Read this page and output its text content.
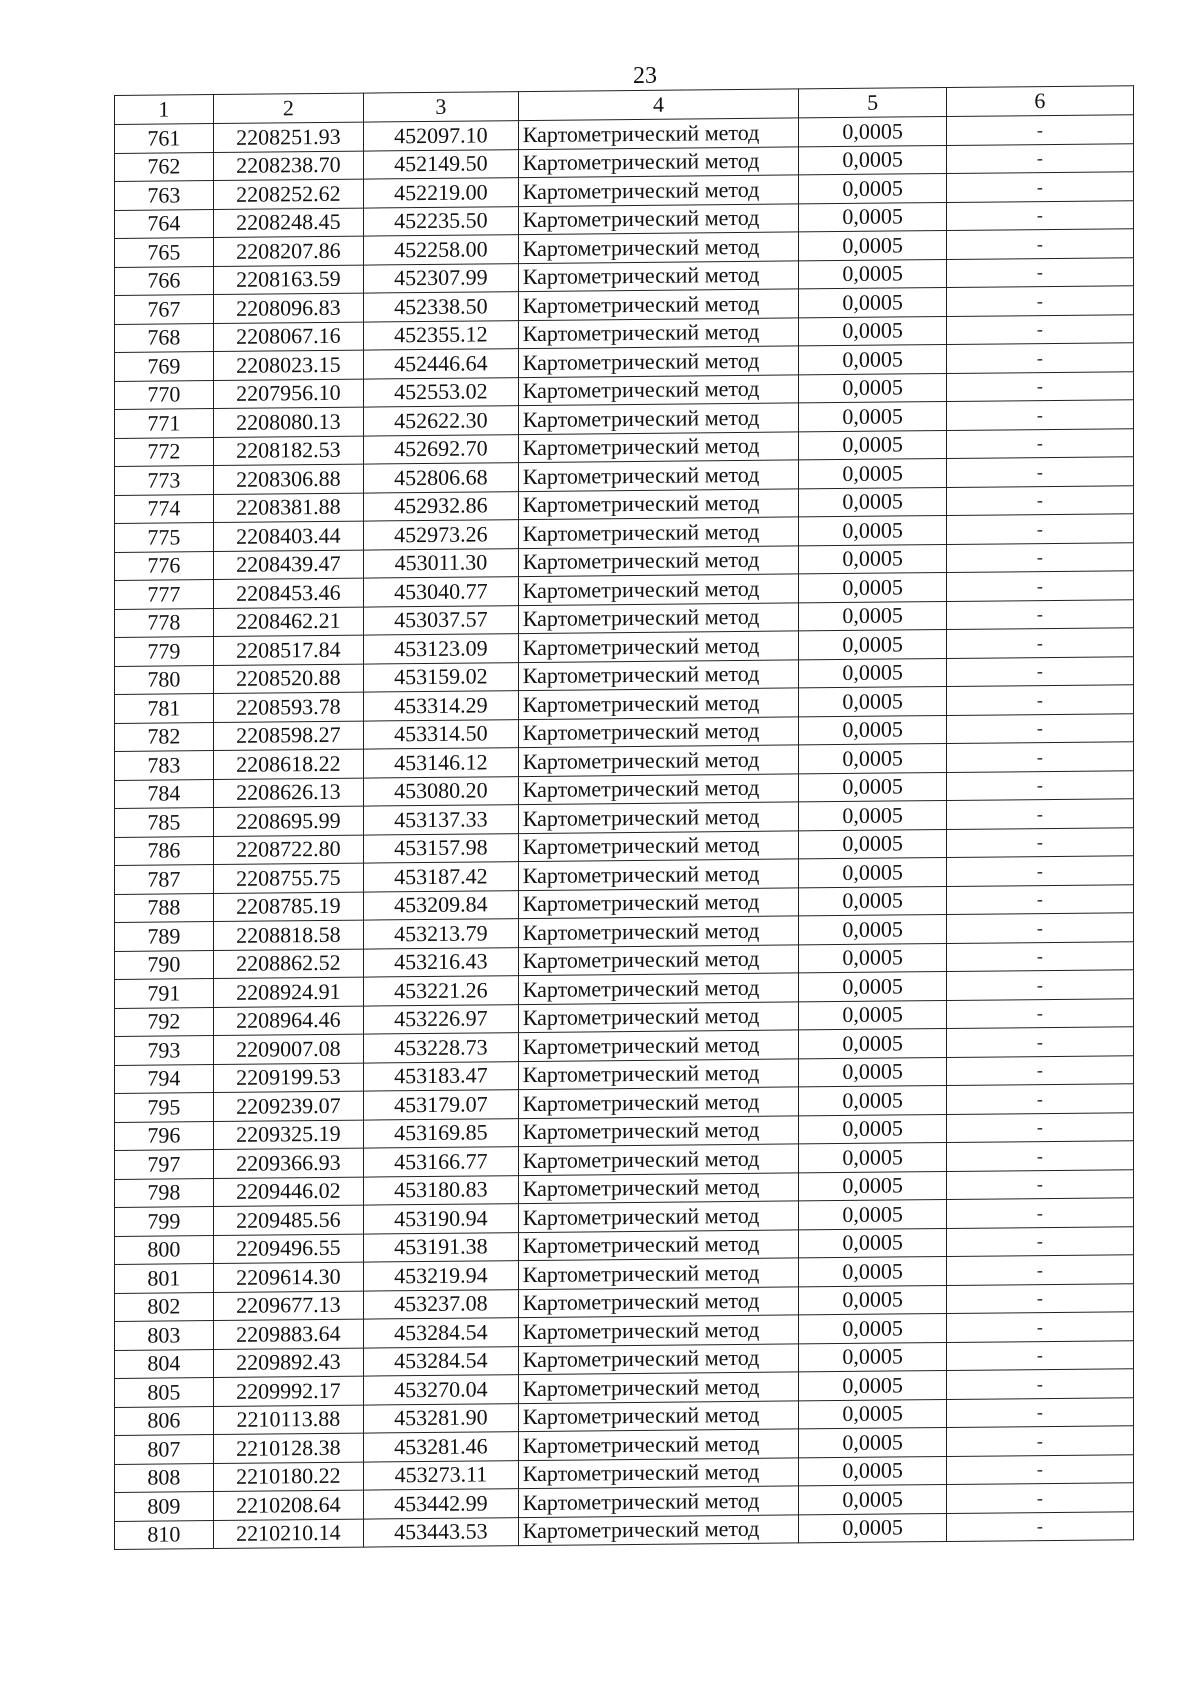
23
1	2	3	4	5	6
761	2208251.93	452097.10	Картометрический метод	0,0005	-
762	2208238.70	452149.50	Картометрический метод	0,0005	-
763	2208252.62	452219.00	Картометрический метод	0,0005	-
764	2208248.45	452235.50	Картометрический метод	0,0005	-
765	2208207.86	452258.00	Картометрический метод	0,0005	-
766	2208163.59	452307.99	Картометрический метод	0,0005	-
767	2208096.83	452338.50	Картометрический метод	0,0005	-
768	2208067.16	452355.12	Картометрический метод	0,0005	-
769	2208023.15	452446.64	Картометрический метод	0,0005	-
770	2207956.10	452553.02	Картометрический метод	0,0005	-
771	2208080.13	452622.30	Картометрический метод	0,0005	-
772	2208182.53	452692.70	Картометрический метод	0,0005	-
773	2208306.88	452806.68	Картометрический метод	0,0005	-
774	2208381.88	452932.86	Картометрический метод	0,0005	-
775	2208403.44	452973.26	Картометрический метод	0,0005	-
776	2208439.47	453011.30	Картометрический метод	0,0005	-
777	2208453.46	453040.77	Картометрический метод	0,0005	-
778	2208462.21	453037.57	Картометрический метод	0,0005	-
779	2208517.84	453123.09	Картометрический метод	0,0005	-
780	2208520.88	453159.02	Картометрический метод	0,0005	-
781	2208593.78	453314.29	Картометрический метод	0,0005	-
782	2208598.27	453314.50	Картометрический метод	0,0005	-
783	2208618.22	453146.12	Картометрический метод	0,0005	-
784	2208626.13	453080.20	Картометрический метод	0,0005	-
785	2208695.99	453137.33	Картометрический метод	0,0005	-
786	2208722.80	453157.98	Картометрический метод	0,0005	-
787	2208755.75	453187.42	Картометрический метод	0,0005	-
788	2208785.19	453209.84	Картометрический метод	0,0005	-
789	2208818.58	453213.79	Картометрический метод	0,0005	-
790	2208862.52	453216.43	Картометрический метод	0,0005	-
791	2208924.91	453221.26	Картометрический метод	0,0005	-
792	2208964.46	453226.97	Картометрический метод	0,0005	-
793	2209007.08	453228.73	Картометрический метод	0,0005	-
794	2209199.53	453183.47	Картометрический метод	0,0005	-
795	2209239.07	453179.07	Картометрический метод	0,0005	-
796	2209325.19	453169.85	Картометрический метод	0,0005	-
797	2209366.93	453166.77	Картометрический метод	0,0005	-
798	2209446.02	453180.83	Картометрический метод	0,0005	-
799	2209485.56	453190.94	Картометрический метод	0,0005	-
800	2209496.55	453191.38	Картометрический метод	0,0005	-
801	2209614.30	453219.94	Картометрический метод	0,0005	-
802	2209677.13	453237.08	Картометрический метод	0,0005	-
803	2209883.64	453284.54	Картометрический метод	0,0005	-
804	2209892.43	453284.54	Картометрический метод	0,0005	-
805	2209992.17	453270.04	Картометрический метод	0,0005	-
806	2210113.88	453281.90	Картометрический метод	0,0005	-
807	2210128.38	453281.46	Картометрический метод	0,0005	-
808	2210180.22	453273.11	Картометрический метод	0,0005	-
809	2210208.64	453442.99	Картометрический метод	0,0005	-
810	2210210.14	453443.53	Картометрический метод	0,0005	-
